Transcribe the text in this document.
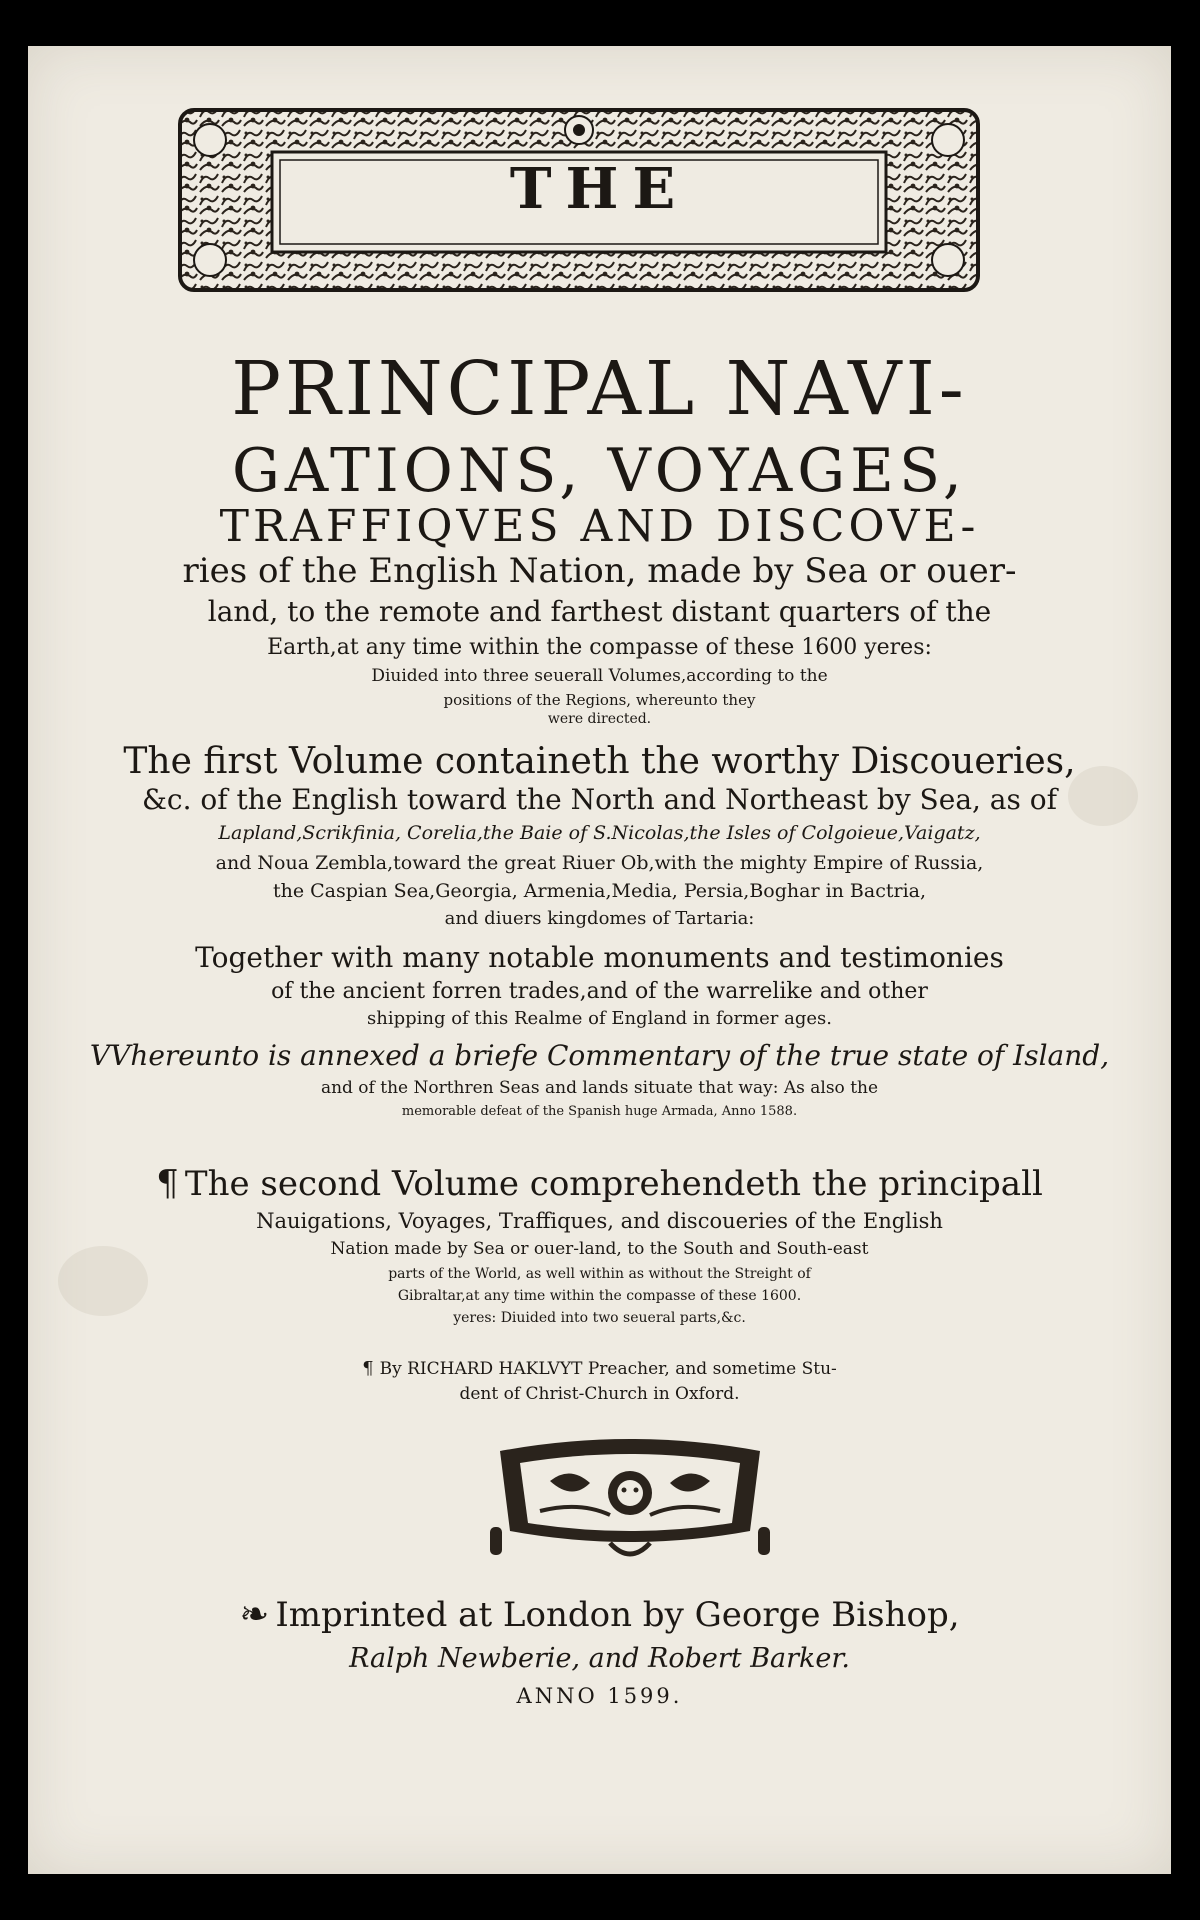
THE
PRINCIPAL NAVI-
GATIONS, VOYAGES,
TRAFFIQVES AND DISCOVE-
ries of the English Nation, made by Sea or ouer-
land, to the remote and farthest distant quarters of the
Earth,at any time within the compasse of these 1600 yeres:
Diuided into three seuerall Volumes,according to the
positions of the Regions, whereunto they
were directed.
The first Volume containeth the worthy Discoueries,
&c. of the English toward the North and Northeast by Sea, as of
Lapland,Scrikfinia, Corelia,the Baie of S.Nicolas,the Isles of Colgoieue,Vaigatz,
and Noua Zembla,toward the great Riuer Ob,with the mighty Empire of Russia,
the Caspian Sea,Georgia, Armenia,Media, Persia,Boghar in Bactria,
and diuers kingdomes of Tartaria:
Together with many notable monuments and testimonies
of the ancient forren trades,and of the warrelike and other
shipping of this Realme of England in former ages.
VVhereunto is annexed a briefe Commentary of the true state of Island,
and of the Northren Seas and lands situate that way: As also the
memorable defeat of the Spanish huge Armada, Anno 1588.
¶ The second Volume comprehendeth the principall
Nauigations, Voyages, Traffiques, and discoueries of the English
Nation made by Sea or ouer-land, to the South and South-east
parts of the World, as well within as without the Streight of
Gibraltar,at any time within the compasse of these 1600.
yeres: Diuided into two seueral parts,&c.
¶ By RICHARD HAKLVYT Preacher, and sometime Stu-
dent of Christ-Church in Oxford.
❧ Imprinted at London by George Bishop,
Ralph Newberie, and Robert Barker.
ANNO 1599.
